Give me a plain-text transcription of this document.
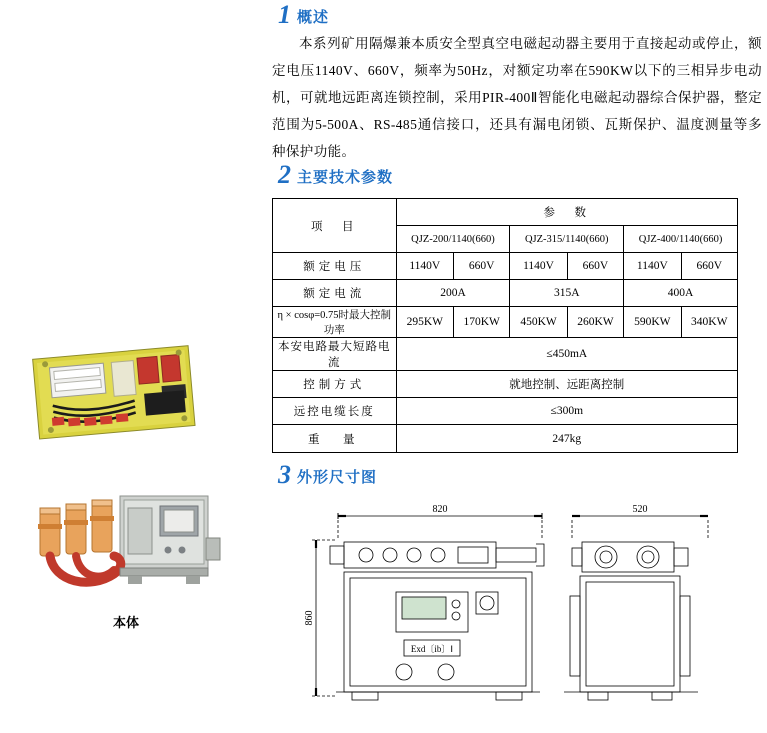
1 概述

本系列矿用隔爆兼本质安全型真空电磁起动器主要用于直接起动或停止，额定电压1140V、660V，频率为50Hz，对额定功率在590KW以下的三相异步电动机，可就地远距离连锁控制，采用PIR-400Ⅱ智能化电磁起动器综合保护器，整定范围为5-500A、RS-485通信接口，还具有漏电闭锁、瓦斯保护、温度测量等多种保护功能。

2 主要技术参数
项　目	参　数					
	QJZ-200/1140(660)		QJZ-315/1140(660)		QJZ-400/1140(660)	
额定电压	1140V	660V	1140V	660V	1140V	660V
额定电流	200A		315A		400A	
η × cosφ=0.75时最大控制功率	295KW	170KW	450KW	260KW	590KW	340KW
本安电路最大短路电流	≤450mA					
控制方式	就地控制、远距离控制					
远控电缆长度	≤300m					
重　量	247kg					
3 外形尺寸图
本体
820	520
860
Exd〔ib〕Ⅰ
